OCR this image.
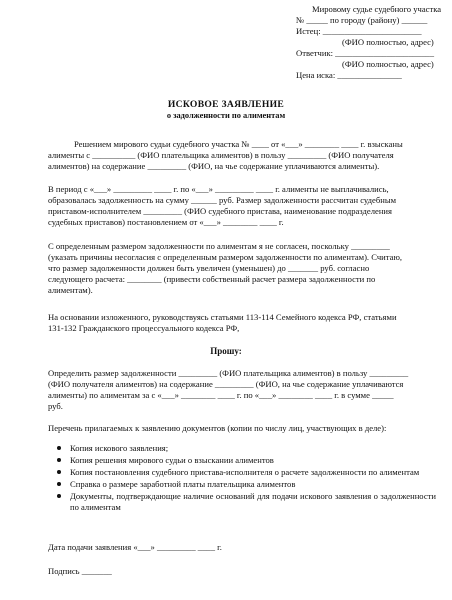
Мировому судье судебного участка
№ _____ по городу (району) ______
Истец: _______________________
(ФИО полностью, адрес)
Ответчик: _______________________
(ФИО полностью, адрес)
Цена иска: _______________
ИСКОВОЕ ЗАЯВЛЕНИЕ
о задолженности по алиментам
Решением мирового судьи судебного участка № ____ от «___» ________ ____ г. взысканы
алименты с __________ (ФИО плательщика алиментов) в пользу _________ (ФИО получателя
алиментов) на содержание _________ (ФИО, на чье содержание уплачиваются алименты).
В период с «___» _________ ____ г. по «___» _________ ____ г. алименты не выплачивались,
образовалась задолженность на сумму ______ руб. Размер задолженности рассчитан судебным
приставом-исполнителем _________ (ФИО судебного пристава, наименование подразделения
судебных приставов) постановлением от «___» ________ ____ г.
С определенным размером задолженности по алиментам я не согласен, поскольку _________
(указать причины несогласия с определенным размером задолженности по алиментам). Считаю,
что размер задолженности должен быть увеличен (уменьшен) до _______ руб. согласно
следующего расчета: ________ (привести собственный расчет размера задолженности по
алиментам).
На основании изложенного, руководствуясь статьями 113-114 Семейного кодекса РФ, статьями
131-132 Гражданского процессуального кодекса РФ,
Прошу:
Определить размер задолженности _________ (ФИО плательщика алиментов) в пользу _________
(ФИО получателя алиментов) на содержание _________ (ФИО, на чье содержание уплачиваются
алименты) по алиментам за с «___» ________ ____ г. по «___» ________ ____ г. в сумме _____
руб.
Перечень прилагаемых к заявлению документов (копии по числу лиц, участвующих в деле):
Копия искового заявления;
Копия решения мирового судьи о взыскании алиментов
Копия постановления судебного пристава-исполнителя о расчете задолженности по алиментам
Справка о размере заработной платы плательщика алиментов
Документы, подтверждающие наличие оснований для подачи искового заявления о задолженности по алиментам
Дата подачи заявления «___» _________ ____ г.
Подпись _______
